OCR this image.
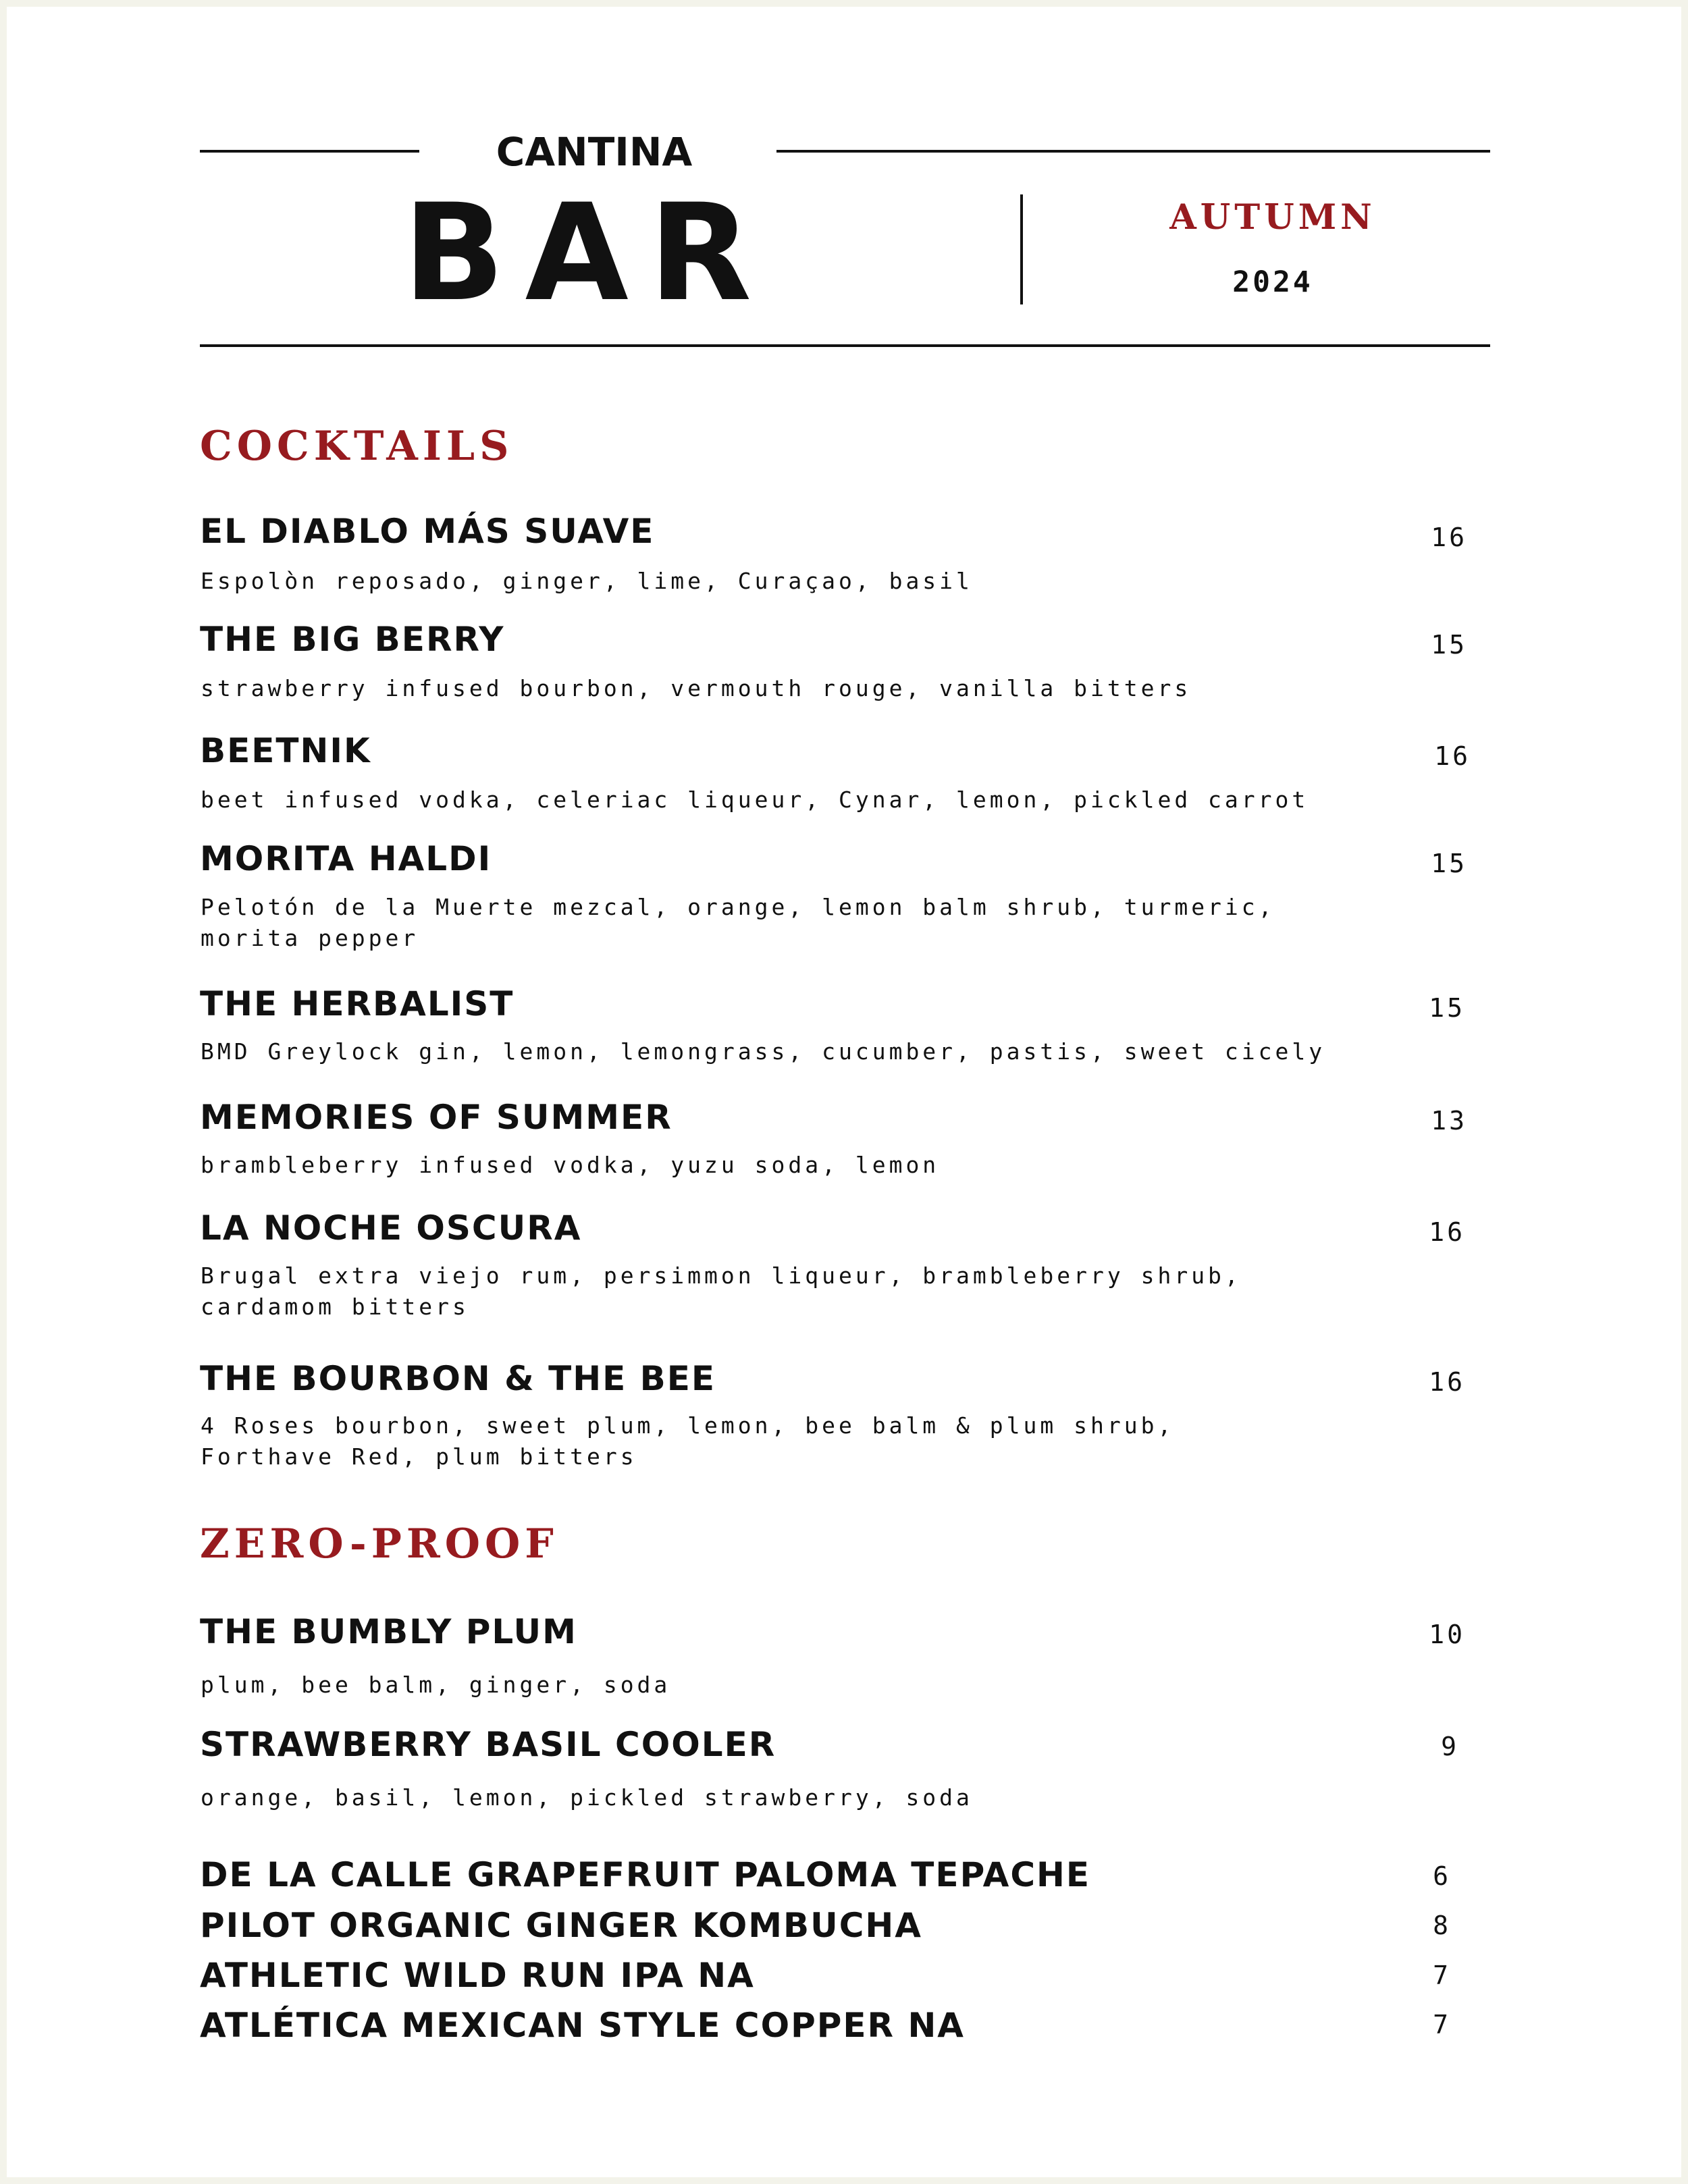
CANTINA
BAR	AUTUMN
2024
COCKTAILS
EL DIABLO MÁS SUAVE	16
Espolòn reposado, ginger, lime, Curaçao, basil
THE BIG BERRY	15
strawberry infused bourbon, vermouth rouge, vanilla bitters
BEETNIK	16
beet infused vodka, celeriac liqueur, Cynar, lemon, pickled carrot
MORITA HALDI	15
Pelotón de la Muerte mezcal, orange, lemon balm shrub, turmeric,
morita pepper
THE HERBALIST	15
BMD Greylock gin, lemon, lemongrass, cucumber, pastis, sweet cicely
MEMORIES OF SUMMER	13
brambleberry infused vodka, yuzu soda, lemon
LA NOCHE OSCURA	16
Brugal extra viejo rum, persimmon liqueur, brambleberry shrub,
cardamom bitters
THE BOURBON & THE BEE	16
4 Roses bourbon, sweet plum, lemon, bee balm & plum shrub,
Forthave Red, plum bitters
ZERO-PROOF
THE BUMBLY PLUM	10
plum, bee balm, ginger, soda
STRAWBERRY BASIL COOLER	9
orange, basil, lemon, pickled strawberry, soda
DE LA CALLE GRAPEFRUIT PALOMA TEPACHE	6
PILOT ORGANIC GINGER KOMBUCHA	8
ATHLETIC WILD RUN IPA NA	7
ATLÉTICA MEXICAN STYLE COPPER NA	7
